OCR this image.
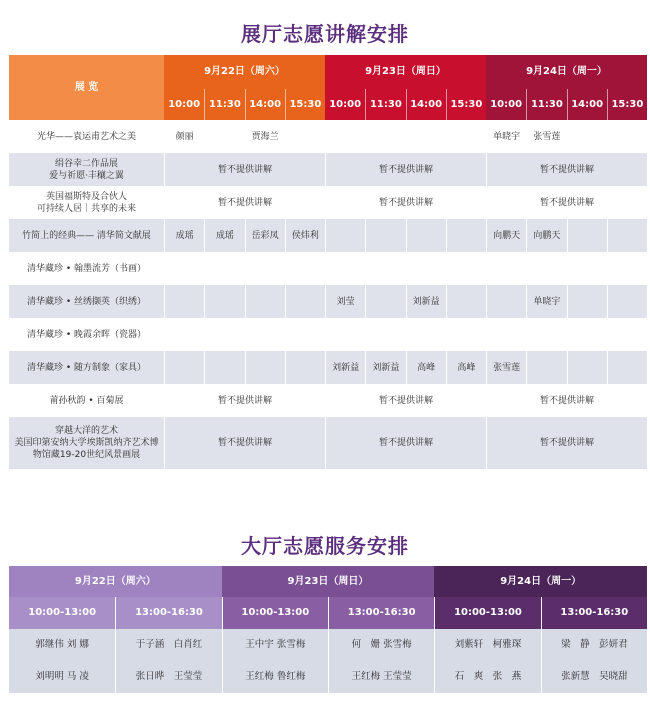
展厅志愿讲解安排
展 览	9月22日（周六）				9月23日（周日）				9月24日（周一）			
	10:00	11:30	14:00	15:30	10:00	11:30	14:00	15:30	10:00	11:30	14:00	15:30

光华——袁运甫艺术之美	颜丽		贾海兰						单晓宇	张雪莲		

绢谷幸二作品展
爱与祈愿·丰穰之翼	暂不提供讲解				暂不提供讲解				暂不提供讲解			

英国福斯特及合伙人
可持续人居｜共享的未来	暂不提供讲解				暂不提供讲解				暂不提供讲解			

竹简上的经典—— 清华简文献展	成瑶	成瑶	岳彩凤	侯炜利					向鹏天	向鹏天		

清华藏珍 • 翰墨流芳（书画）												

清华藏珍 • 丝绣撷英（织绣）					刘莹		刘新益			单晓宇		

清华藏珍 • 晚霞余晖（瓷器）												

清华藏珍 • 随方制象（家具）					刘新益	刘新益	高峰	高峰	张雪莲			

莆孙秋韵 • 百菊展	暂不提供讲解				暂不提供讲解				暂不提供讲解			

穿越大洋的艺术
美国印第安纳大学埃斯凯纳齐艺术博
物馆藏19-20世纪风景画展	暂不提供讲解				暂不提供讲解				暂不提供讲解			
大厅志愿服务安排
9月22日（周六）		9月23日（周日）		9月24日（周一）	
10:00-13:00	13:00-16:30	10:00-13:00	13:00-16:30	10:00-13:00	13:00-16:30
郭继伟 刘 娜	于子涵　白肖红	王中宇 张雪梅	何　姗 张雪梅	刘紫轩　柯雅琛	梁　静　彭妍君
刘明明 马 凌	张日晔　王莹莹	王红梅 鲁红梅	王红梅 王莹莹	石　爽　张　燕	张新慧　吴晓甜
